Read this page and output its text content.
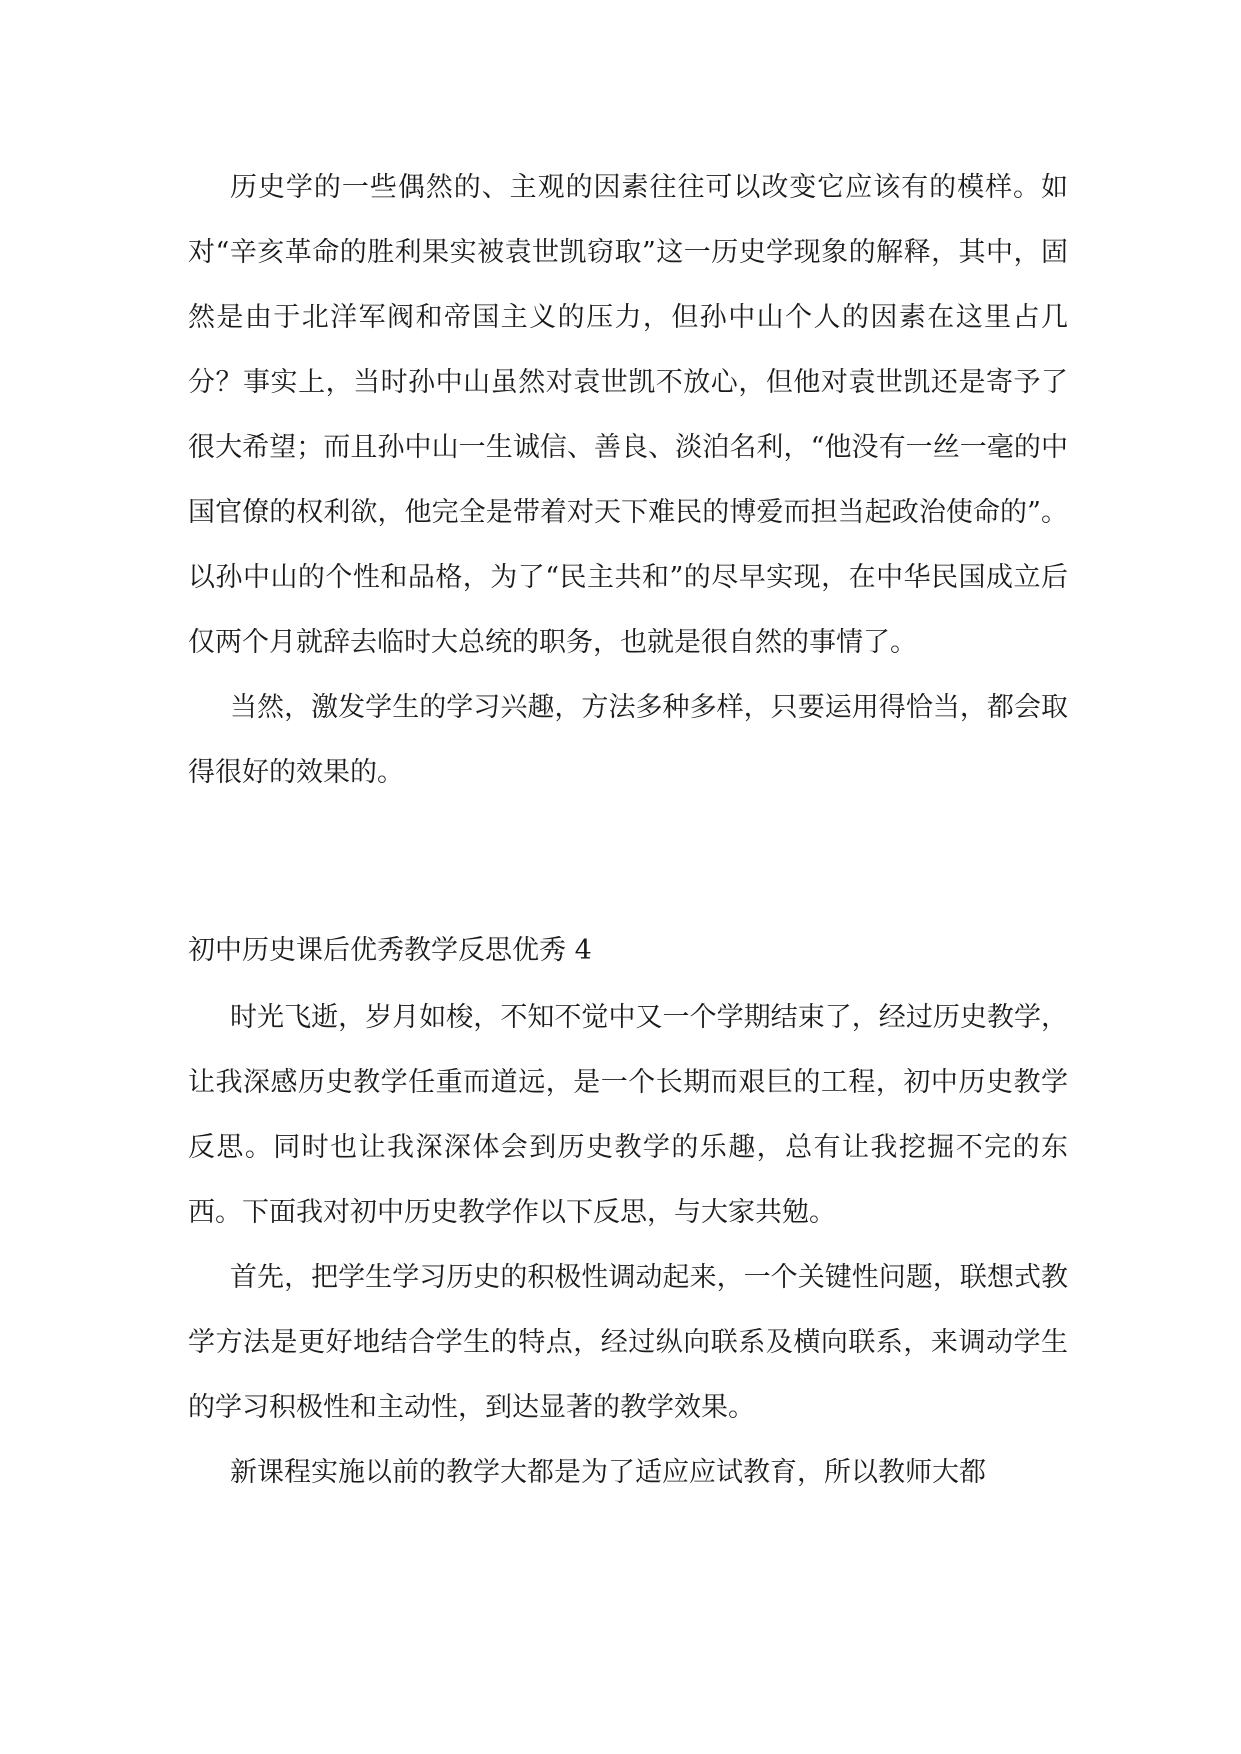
历史学的一些偶然的、主观的因素往往可以改变它应该有的模样。如对“辛亥革命的胜利果实被袁世凯窃取”这一历史学现象的解释，其中，固然是由于北洋军阀和帝国主义的压力，但孙中山个人的因素在这里占几分？事实上，当时孙中山虽然对袁世凯不放心，但他对袁世凯还是寄予了很大希望；而且孙中山一生诚信、善良、淡泊名利，“他没有一丝一毫的中国官僚的权利欲，他完全是带着对天下难民的博爱而担当起政治使命的”。以孙中山的个性和品格，为了“民主共和”的尽早实现，在中华民国成立后仅两个月就辞去临时大总统的职务，也就是很自然的事情了。

当然，激发学生的学习兴趣，方法多种多样，只要运用得恰当，都会取得很好的效果的。

初中历史课后优秀教学反思优秀 4

时光飞逝，岁月如梭，不知不觉中又一个学期结束了，经过历史教学，让我深感历史教学任重而道远，是一个长期而艰巨的工程，初中历史教学反思。同时也让我深深体会到历史教学的乐趣，总有让我挖掘不完的东西。下面我对初中历史教学作以下反思，与大家共勉。

首先，把学生学习历史的积极性调动起来，一个关键性问题，联想式教学方法是更好地结合学生的特点，经过纵向联系及横向联系，来调动学生的学习积极性和主动性，到达显著的教学效果。

新课程实施以前的教学大都是为了适应应试教育，所以教师大都
